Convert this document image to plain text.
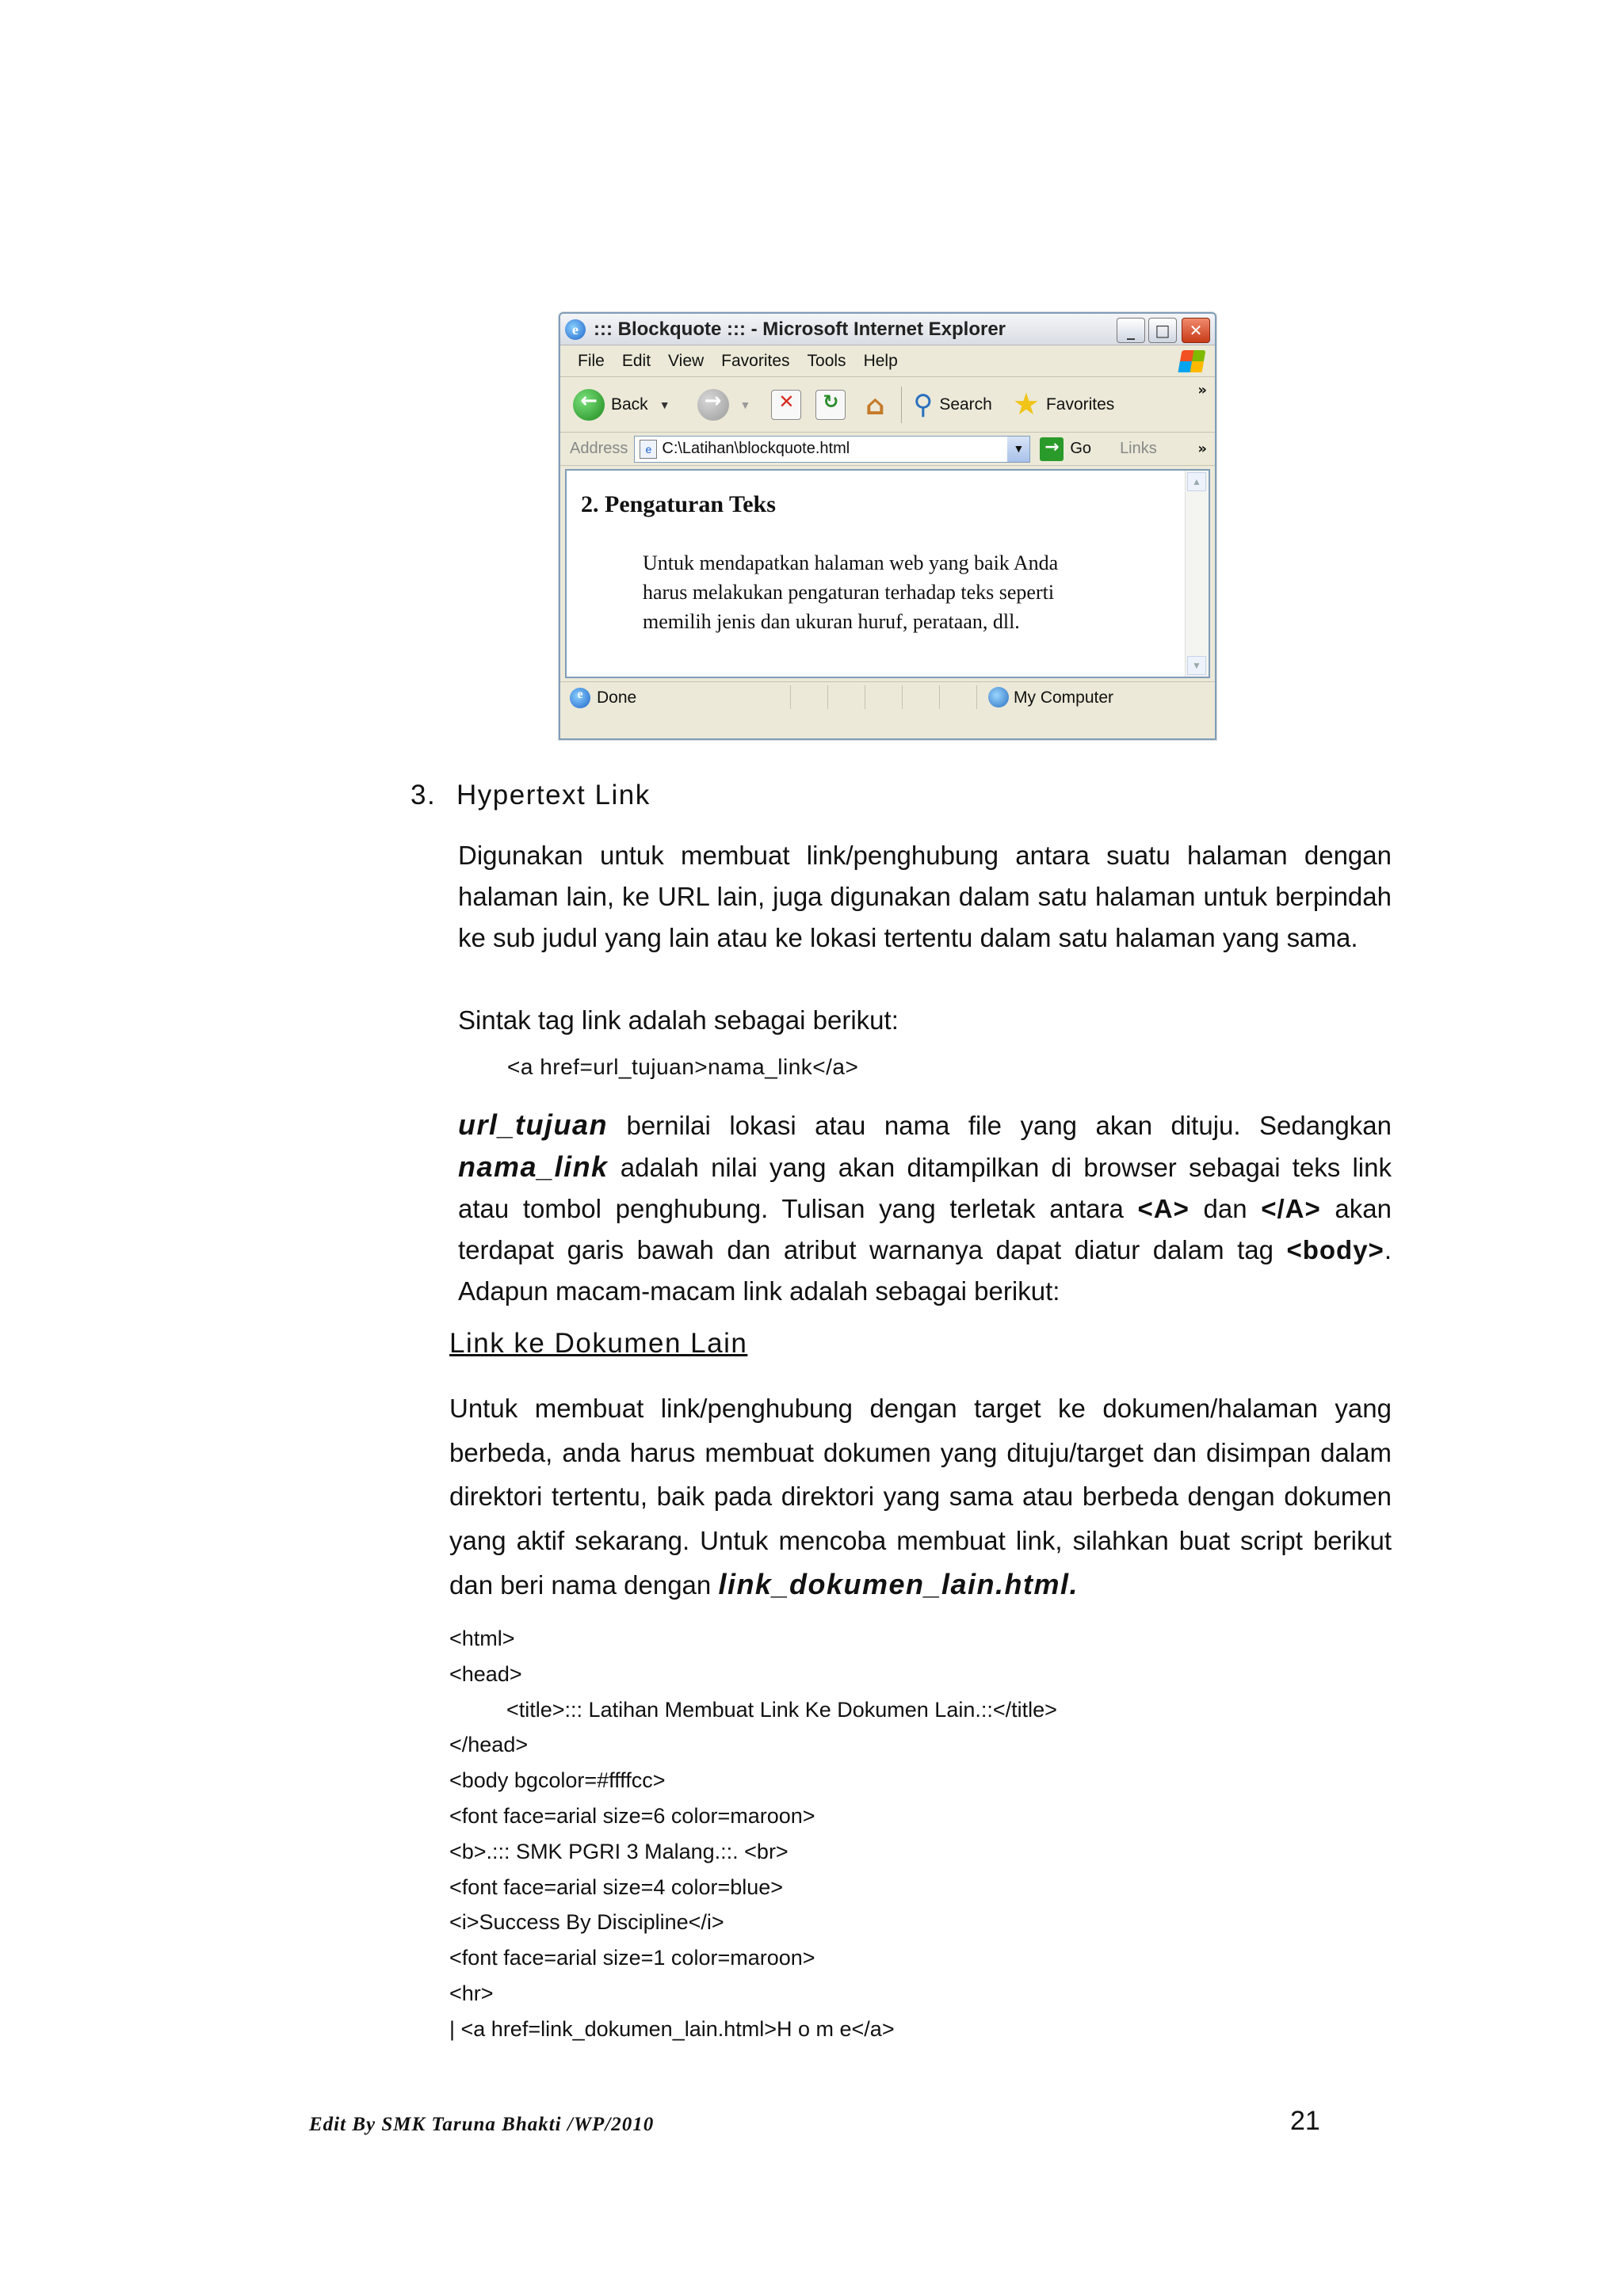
e ::: Blockquote ::: - Microsoft Internet Explorer	_	□	✕
File Edit View Favorites Tools Help
← Back ▼	→	▼	✕	↻ ⌂ ⚲ Search ★ Favorites
»
Address	e C:\Latihan\blockquote.html	▼	→ Go Links	»
2. Pengaturan Teks
Untuk mendapatkan halaman web yang baik Anda
harus melakukan pengaturan terhadap teks seperti
memilih jenis dan ukuran huruf, perataan, dll.
▲
▼
e Done	My Computer
3. Hypertext Link

Digunakan untuk membuat link/penghubung antara suatu halaman dengan halaman lain, ke URL lain, juga digunakan dalam satu halaman untuk berpindah ke sub judul yang lain atau ke lokasi tertentu dalam satu halaman yang sama.

Sintak tag link adalah sebagai berikut:

<a href=url_tujuan>nama_link</a>

url_tujuan bernilai lokasi atau nama file yang akan dituju. Sedangkan nama_link adalah nilai yang akan ditampilkan di browser sebagai teks link atau tombol penghubung. Tulisan yang terletak antara <A> dan </A> akan terdapat garis bawah dan atribut warnanya dapat diatur dalam tag <body>. Adapun macam-macam link adalah sebagai berikut:

Link ke Dokumen Lain

Untuk membuat link/penghubung dengan target ke dokumen/halaman yang berbeda, anda harus membuat dokumen yang dituju/target dan disimpan dalam direktori tertentu, baik pada direktori yang sama atau berbeda dengan dokumen yang aktif sekarang. Untuk mencoba membuat link, silahkan buat script berikut dan beri nama dengan link_dokumen_lain.html.

<html>
<head>
<title>::: Latihan Membuat Link Ke Dokumen Lain.::</title>
</head>
<body bgcolor=#ffffcc>
<font face=arial size=6 color=maroon>
<b>.::: SMK PGRI 3 Malang.::. <br>
<font face=arial size=4 color=blue>
<i>Success By Discipline</i>
<font face=arial size=1 color=maroon>
<hr>
| <a href=link_dokumen_lain.html>H o m e</a>
Edit By SMK Taruna Bhakti /WP/2010	21
